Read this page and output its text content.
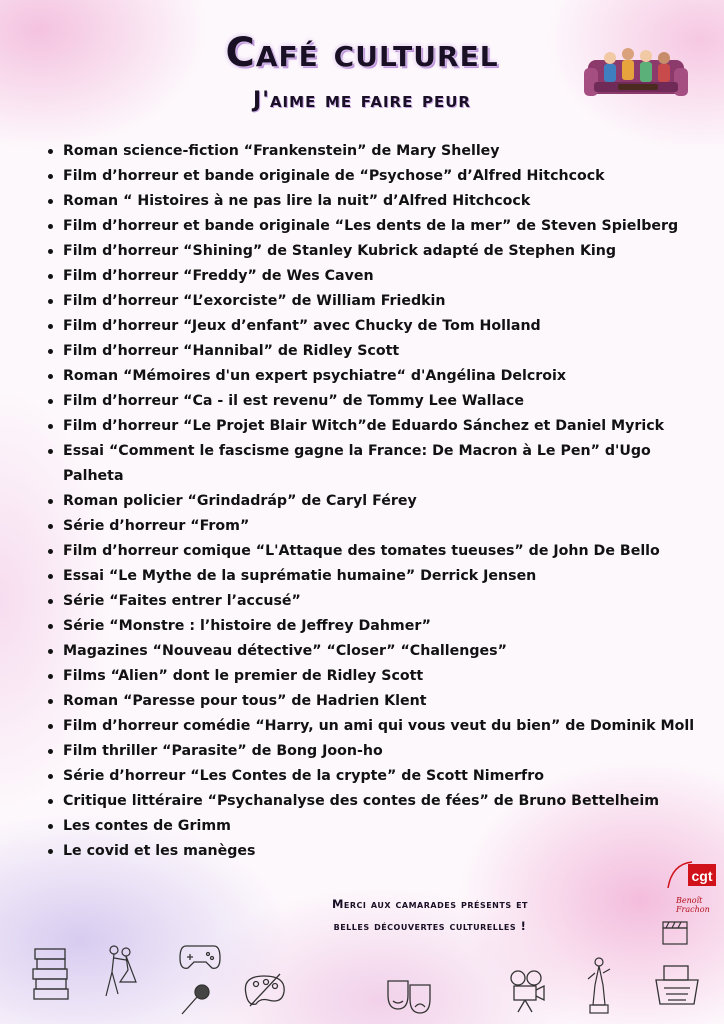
Café culturel
J'aime me faire peur
Roman science-fiction “Frankenstein” de Mary Shelley
Film d’horreur et bande originale de “Psychose” d’Alfred Hitchcock
Roman “ Histoires à ne pas lire la nuit” d’Alfred Hitchcock
Film d’horreur et bande originale “Les dents de la mer” de Steven Spielberg
Film d’horreur “Shining” de Stanley Kubrick adapté de Stephen King
Film d’horreur “Freddy” de Wes Caven
Film d’horreur “L’exorciste” de William Friedkin
Film d’horreur “Jeux d’enfant” avec Chucky de Tom Holland
Film d’horreur “Hannibal” de Ridley Scott
Roman “Mémoires d'un expert psychiatre“ d'Angélina Delcroix
Film d’horreur “Ca - il est revenu” de Tommy Lee Wallace
Film d’horreur “Le Projet Blair Witch”de Eduardo Sánchez et Daniel Myrick
Essai “Comment le fascisme gagne la France: De Macron à Le Pen” d'Ugo Palheta
Roman policier “Grindadráp” de Caryl Férey
Série d’horreur “From”
Film d’horreur comique “L'Attaque des tomates tueuses” de John De Bello
Essai “Le Mythe de la suprématie humaine” Derrick Jensen
Série “Faites entrer l’accusé”
Série “Monstre : l’histoire de Jeffrey Dahmer”
Magazines “Nouveau détective” “Closer” “Challenges”
Films “Alien” dont le premier de Ridley Scott
Roman “Paresse pour tous” de Hadrien Klent
Film d’horreur comédie “Harry, un ami qui vous veut du bien” de Dominik Moll
Film thriller “Parasite” de Bong Joon-ho
Série d’horreur “Les Contes de la crypte” de Scott Nimerfro
Critique littéraire “Psychanalyse des contes de fées” de Bruno Bettelheim
Les contes de Grimm
Le covid et les manèges
Merci aux camarades présents et
belles découvertes culturelles !
cgt
Benoît Frachon
